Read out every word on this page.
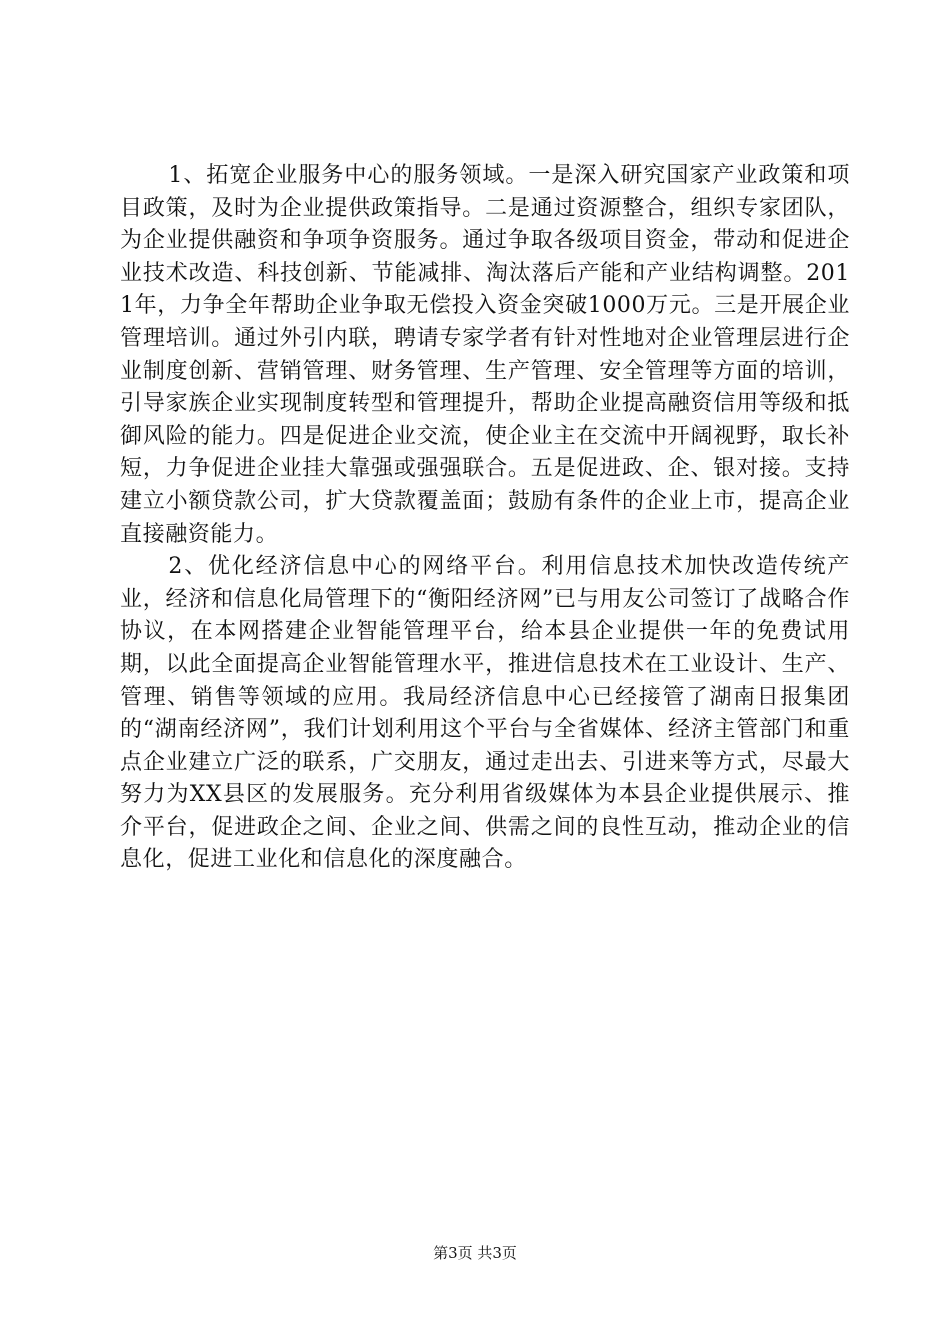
1、拓宽企业服务中心的服务领域。一是深入研究国家产业政策和项目政策，及时为企业提供政策指导。二是通过资源整合，组织专家团队，为企业提供融资和争项争资服务。通过争取各级项目资金，带动和促进企业技术改造、科技创新、节能减排、淘汰落后产能和产业结构调整。2011年，力争全年帮助企业争取无偿投入资金突破1000万元。三是开展企业管理培训。通过外引内联，聘请专家学者有针对性地对企业管理层进行企业制度创新、营销管理、财务管理、生产管理、安全管理等方面的培训，引导家族企业实现制度转型和管理提升，帮助企业提高融资信用等级和抵御风险的能力。四是促进企业交流，使企业主在交流中开阔视野，取长补短，力争促进企业挂大靠强或强强联合。五是促进政、企、银对接。支持建立小额贷款公司，扩大贷款覆盖面；鼓励有条件的企业上市，提高企业直接融资能力。

2、优化经济信息中心的网络平台。利用信息技术加快改造传统产业，经济和信息化局管理下的“衡阳经济网”已与用友公司签订了战略合作协议，在本网搭建企业智能管理平台，给本县企业提供一年的免费试用期，以此全面提高企业智能管理水平，推进信息技术在工业设计、生产、管理、销售等领域的应用。我局经济信息中心已经接管了湖南日报集团的“湖南经济网”，我们计划利用这个平台与全省媒体、经济主管部门和重点企业建立广泛的联系，广交朋友，通过走出去、引进来等方式，尽最大努力为XX县区的发展服务。充分利用省级媒体为本县企业提供展示、推介平台，促进政企之间、企业之间、供需之间的良性互动，推动企业的信息化，促进工业化和信息化的深度融合。

第3页 共3页
